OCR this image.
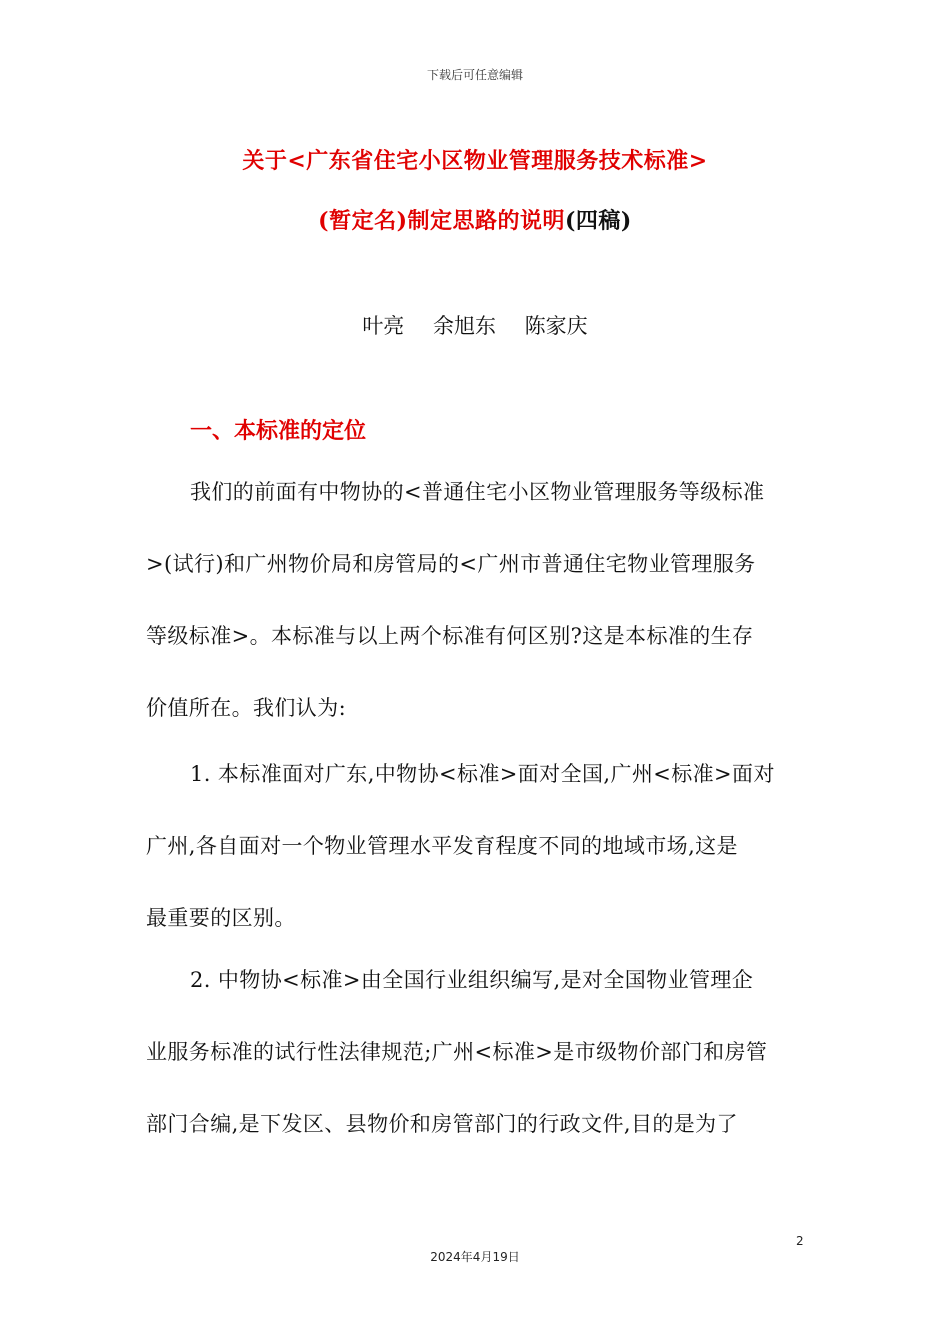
下载后可任意编辑
关于<广东省住宅小区物业管理服务技术标准>
(暂定名)制定思路的说明(四稿)
叶亮 余旭东 陈家庆
一、本标准的定位
我们的前面有中物协的<普通住宅小区物业管理服务等级标准
>(试行)和广州物价局和房管局的<广州市普通住宅物业管理服务
等级标准>。本标准与以上两个标准有何区别?这是本标准的生存
价值所在。我们认为:
1. 本标准面对广东,中物协<标准>面对全国,广州<标准>面对
广州,各自面对一个物业管理水平发育程度不同的地域市场,这是
最重要的区别。
2. 中物协<标准>由全国行业组织编写,是对全国物业管理企
业服务标准的试行性法律规范;广州<标准>是市级物价部门和房管
部门合编,是下发区、县物价和房管部门的行政文件,目的是为了
2
2024年4月19日
